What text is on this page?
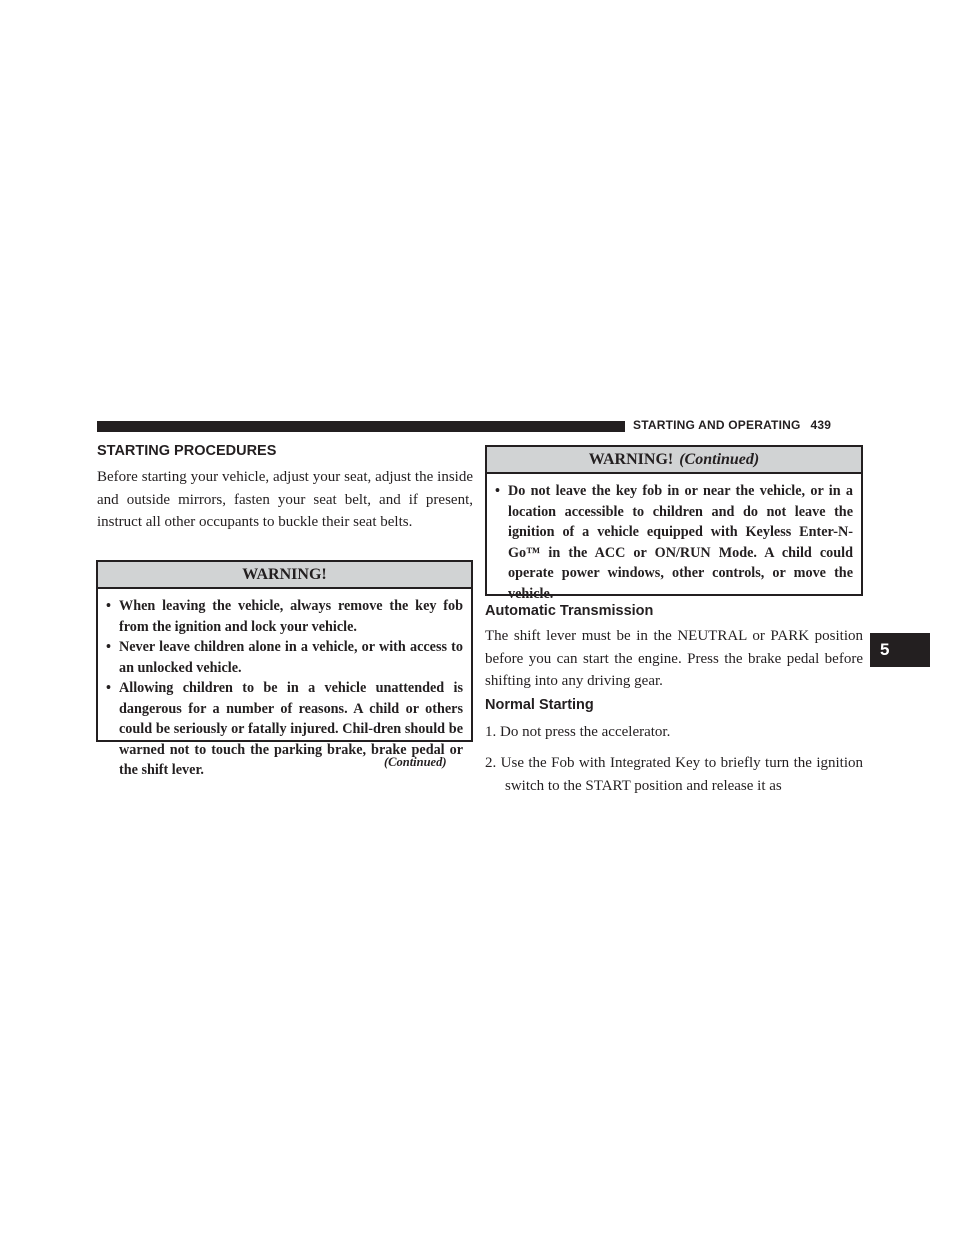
STARTING AND OPERATING 439
5
STARTING PROCEDURES

Before starting your vehicle, adjust your seat, adjust the inside and outside mirrors, fasten your seat belt, and if present, instruct all other occupants to buckle their seat belts.

WARNING!
• When leaving the vehicle, always remove the key fob from the ignition and lock your vehicle.
• Never leave children alone in a vehicle, or with access to an unlocked vehicle.
• Allowing children to be in a vehicle unattended is dangerous for a number of reasons. A child or others could be seriously or fatally injured. Chil-dren should be warned not to touch the parking brake, brake pedal or the shift lever.	(Continued)
WARNING! (Continued)
• Do not leave the key fob in or near the vehicle, or in a location accessible to children and do not leave the ignition of a vehicle equipped with Keyless Enter-N-Go™ in the ACC or ON/RUN Mode. A child could operate power windows, other controls, or move the vehicle.
Automatic Transmission

The shift lever must be in the NEUTRAL or PARK position before you can start the engine. Press the brake pedal before shifting into any driving gear.

Normal Starting

1. Do not press the accelerator.

2. Use the Fob with Integrated Key to briefly turn the ignition switch to the START position and release it as
